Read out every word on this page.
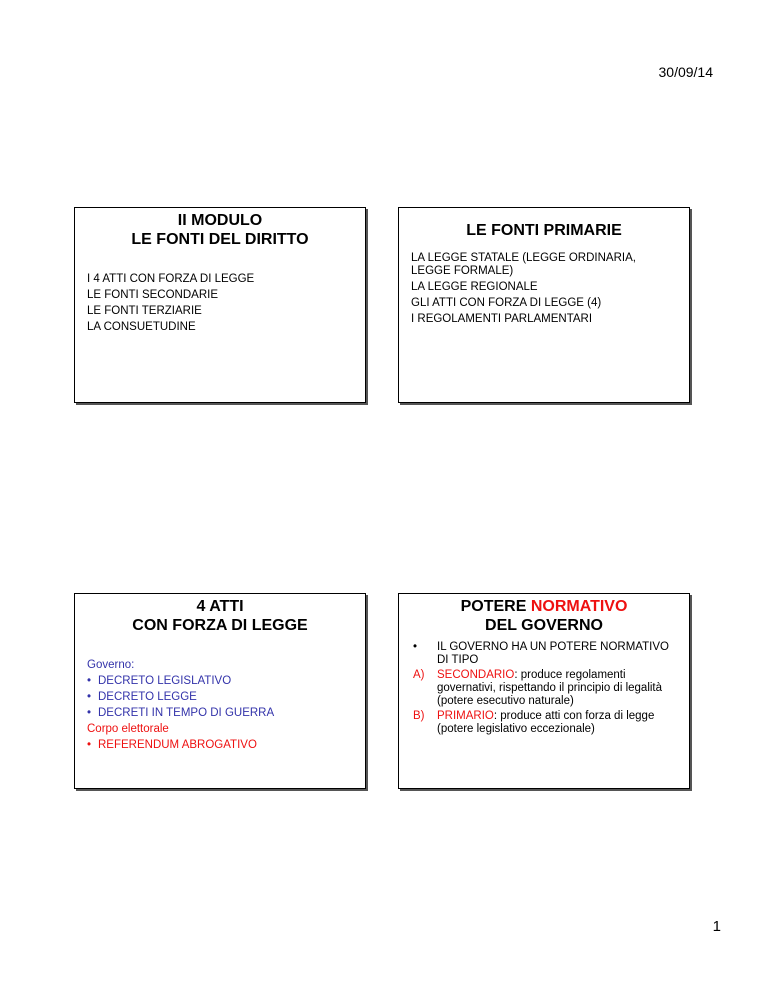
30/09/14
II MODULO
LE FONTI DEL DIRITTO
I 4 ATTI CON FORZA DI LEGGE
LE FONTI SECONDARIE
LE FONTI TERZIARIE
LA CONSUETUDINE
LE FONTI PRIMARIE
LA LEGGE STATALE (LEGGE ORDINARIA, LEGGE FORMALE)
LA LEGGE REGIONALE
GLI ATTI CON FORZA DI LEGGE (4)
I REGOLAMENTI PARLAMENTARI
4 ATTI
CON FORZA DI LEGGE
Governo:
• DECRETO LEGISLATIVO
• DECRETO LEGGE
• DECRETI IN TEMPO DI GUERRA
Corpo elettorale
• REFERENDUM ABROGATIVO
POTERE NORMATIVO
DEL GOVERNO
•	IL GOVERNO HA UN POTERE NORMATIVO DI TIPO
A)	SECONDARIO: produce regolamenti governativi, rispettando il principio di legalità (potere esecutivo naturale)
B)	PRIMARIO: produce atti con forza di legge (potere legislativo eccezionale)
1
